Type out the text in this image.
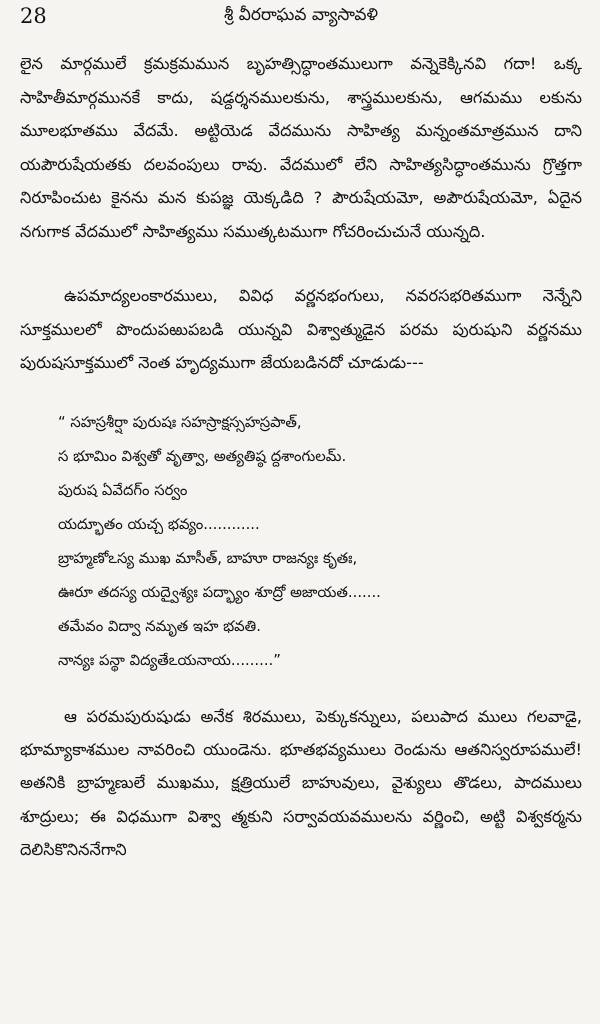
28	శ్రీ వీరరాఘవ వ్యాసావళి

లైన మార్గములే క్రమక్రమమున బృహత్సిద్ధాంతములుగా వన్నెకెక్కినవి గదా! ఒక్క సాహితీమార్గమునకే కాదు, షడ్దర్శనములకును, శాస్త్రములకును, ఆగమము లకును మూలభూతము వేదమే. అట్టియెడ వేదమును సాహిత్య మన్నంతమాత్రమున దాని యపౌరుషేయతకు దలవంపులు రావు. వేదములో లేని సాహిత్యసిద్ధాంతమును గ్రొత్తగా నిరూపించుట కైనను మన కుపజ్ఞ యెక్కడిది ? పౌరుషేయమో, అపౌరుషేయమో, ఏదైన నగుగాక వేదములో సాహిత్యము సముత్కటముగా గోచరించుచునే యున్నది.

ఉపమాద్యలంకారములు, వివిధ వర్ణనభంగులు, నవరసభరితముగా నెన్నేని సూక్తములలో పొందుపఱుపబడి యున్నవి విశ్వాత్ముడైన పరమ పురుషుని వర్ణనము పురుషసూక్తములో నెంత హృద్యముగా జేయబడినదో చూడుడు---

“ సహస్రశీర్షా పురుషః సహస్రాక్షస్సహస్రపాత్,
స భూమిం విశ్వతో వృత్వా, అత్యతిష్ఠ ద్దశాంగులమ్.
పురుష ఏవేదగ్ం సర్వం
యద్భూతం యచ్చ భవ్యం............
బ్రాహ్మణోఽస్య ముఖ మాసీత్, బాహూ రాజన్యః కృతః,
ఊరూ తదస్య యద్వైశ్యః పద్భ్యాం శూద్రో అజాయత.......
తమేవం విద్వా నమృత ఇహ భవతి.
నాన్యః పన్థా విద్యతేఽయనాయ.........”

ఆ పరమపురుషుడు అనేక శిరములు, పెక్కుకన్నులు, పలుపాద ములు గలవాడై, భూమ్యాకాశముల నావరించి యుండెను. భూతభవ్యములు రెండును ఆతనిస్వరూపములే! అతనికి బ్రాహ్మణులే ముఖము, క్షత్రియులే బాహువులు, వైశ్యులు తొడలు, పాదములు శూద్రులు; ఈ విధముగా విశ్వా త్మకుని సర్వావయవములను వర్ణించి, అట్టి విశ్వకర్మను దెలిసికొనిననేగాని
